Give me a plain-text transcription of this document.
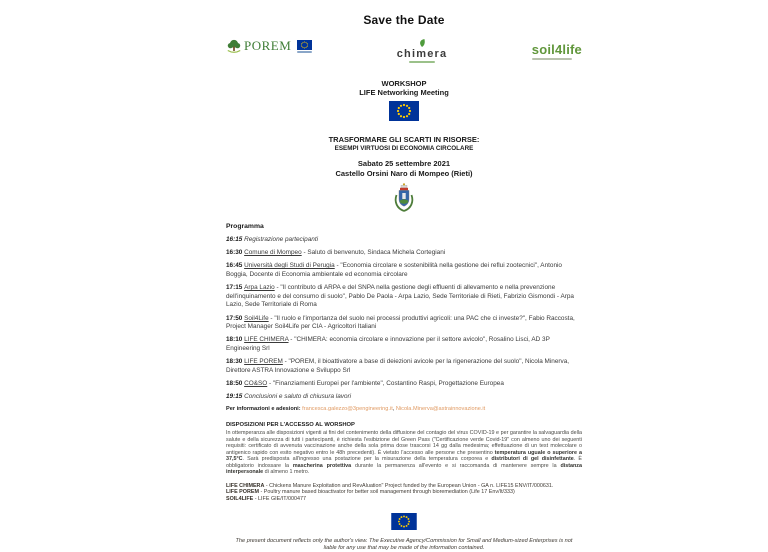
Save the Date
POREM
chimera	soil4life
WORKSHOP
LIFE Networking Meeting
TRASFORMARE GLI SCARTI IN RISORSE:
ESEMPI VIRTUOSI DI ECONOMIA CIRCOLARE
Sabato 25 settembre 2021
Castello Orsini Naro di Mompeo (Rieti)
Programma

16:15 Registrazione partecipanti

16:30 Comune di Mompeo - Saluto di benvenuto, Sindaca Michela Cortegiani

16:45 Università degli Studi di Perugia - "Economia circolare e sostenibilità nella gestione dei reflui zootecnici", Antonio Boggia, Docente di Economia ambientale ed economia circolare

17:15 Arpa Lazio - "Il contributo di ARPA e del SNPA nella gestione degli effluenti di allevamento e nella prevenzione dell'inquinamento e del consumo di suolo", Pablo De Paola - Arpa Lazio, Sede Territoriale di Rieti, Fabrizio Gismondi - Arpa Lazio, Sede Territoriale di Roma

17:50 Soil4Life - "Il ruolo e l'importanza del suolo nei processi produttivi agricoli: una PAC che ci investe?", Fabio Raccosta, Project Manager Soil4Life per CIA - Agricoltori Italiani

18:10 LIFE CHIMERA - "CHIMERA: economia circolare e innovazione per il settore avicolo", Rosalino Lisci, AD 3P Engineering Srl

18:30 LIFE POREM - "POREM, il bioattivatore a base di deiezioni avicole per la rigenerazione del suolo", Nicola Minerva, Direttore ASTRA Innovazione e Sviluppo Srl

18:50 CO&SO - "Finanziamenti Europei per l'ambiente", Costantino Raspi, Progettazione Europea

19:15 Conclusioni e saluto di chiusura lavori

Per informazioni e adesioni: francesca.galezzo@3pengineering.it, Nicola.Minerva@astrainnovazione.it

DISPOSIZIONI PER L'ACCESSO AL WORSHOP

In ottemperanza alle disposizioni vigenti ai fini del contenimento della diffusione del contagio del virus COVID-19 e per garantire la salvaguardia della salute e della sicurezza di tutti i partecipanti, è richiesta l'esibizione del Green Pass ("Certificazione verde Covid-19" con almeno uno dei seguenti requisiti: certificato di avvenuta vaccinazione anche della sola prima dose trascorsi 14 gg dalla medesima; effettuazione di un test molecolare o antigenico rapido con esito negativo entro le 48h precedenti). È vietato l'accesso alle persone che presentino temperatura uguale o superiore a 37,5°C. Sarà predisposta all'ingresso una postazione per la misurazione della temperatura corporea e distributori di gel disinfettante. È obbligatorio indossare la mascherina protettiva durante la permanenza all'evento e si raccomanda di mantenere sempre la distanza interpersonale di almeno 1 metro.

LIFE CHIMERA - Chickens Manure Exploitation and RevAluation" Project funded by the European Union - GA n. LIFE15 ENV/IT/000631.

LIFE POREM - Poultry manure based bioactivator for better soil management through bioremediation (Life 17 Env/It/333)

SOIL4LIFE - LIFE GIE/IT/000477

The present document reflects only the author's view. The Executive Agency/Commission for Small and Medium-sized Enterprises is not liable for any use that may be made of the information contained.
